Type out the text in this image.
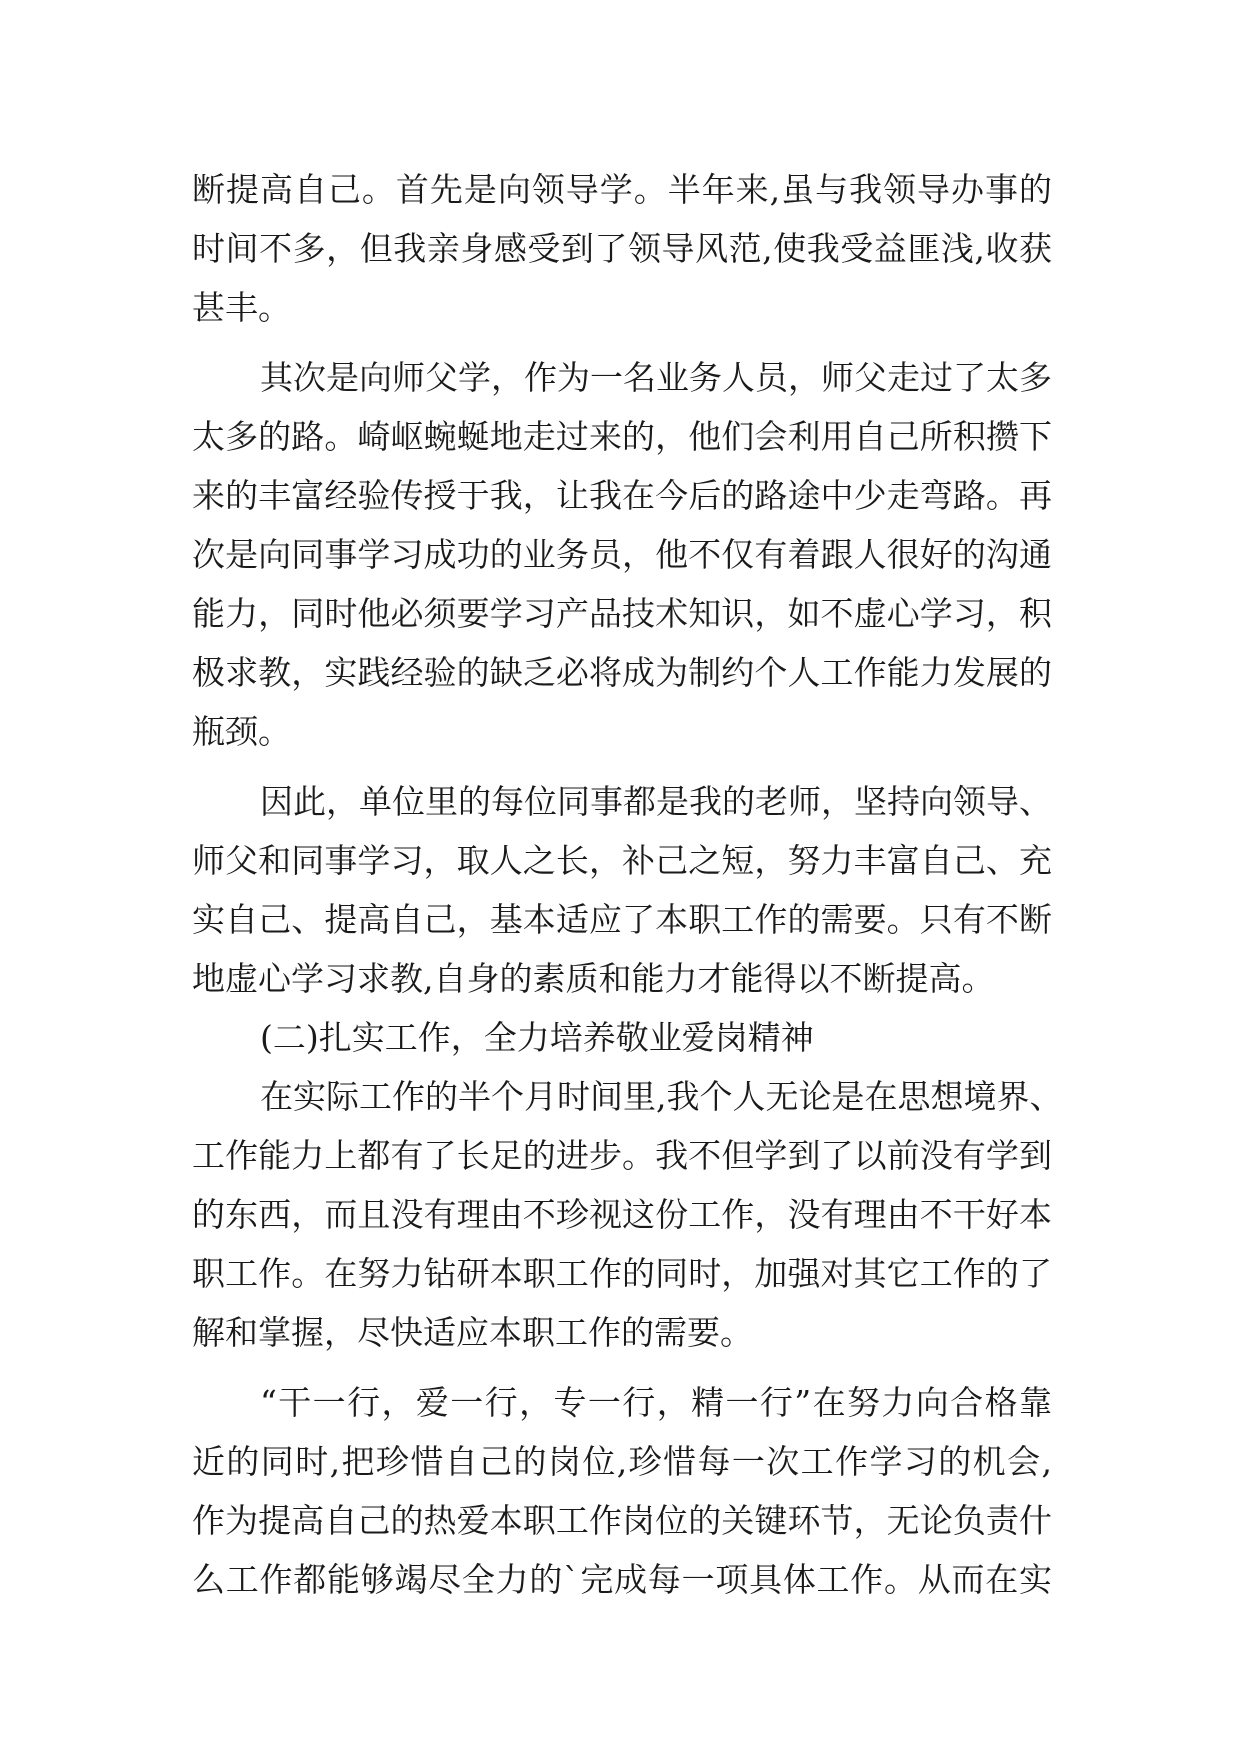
断提高自己。首先是向领导学。半年来,虽与我领导办事的
时间不多，但我亲身感受到了领导风范,使我受益匪浅,收获
甚丰。
其次是向师父学，作为一名业务人员，师父走过了太多
太多的路。崎岖蜿蜒地走过来的，他们会利用自己所积攒下
来的丰富经验传授于我，让我在今后的路途中少走弯路。再
次是向同事学习成功的业务员，他不仅有着跟人很好的沟通
能力，同时他必须要学习产品技术知识，如不虚心学习，积
极求教，实践经验的缺乏必将成为制约个人工作能力发展的
瓶颈。
因此，单位里的每位同事都是我的老师，坚持向领导、
师父和同事学习，取人之长，补己之短，努力丰富自己、充
实自己、提高自己，基本适应了本职工作的需要。只有不断
地虚心学习求教,自身的素质和能力才能得以不断提高。
(二)扎实工作，全力培养敬业爱岗精神
在实际工作的半个月时间里,我个人无论是在思想境界、
工作能力上都有了长足的进步。我不但学到了以前没有学到
的东西，而且没有理由不珍视这份工作，没有理由不干好本
职工作。在努力钻研本职工作的同时，加强对其它工作的了
解和掌握，尽快适应本职工作的需要。
“干一行，爱一行，专一行，精一行”在努力向合格靠
近的同时,把珍惜自己的岗位,珍惜每一次工作学习的机会,
作为提高自己的热爱本职工作岗位的关键环节，无论负责什
么工作都能够竭尽全力的`完成每一项具体工作。从而在实
